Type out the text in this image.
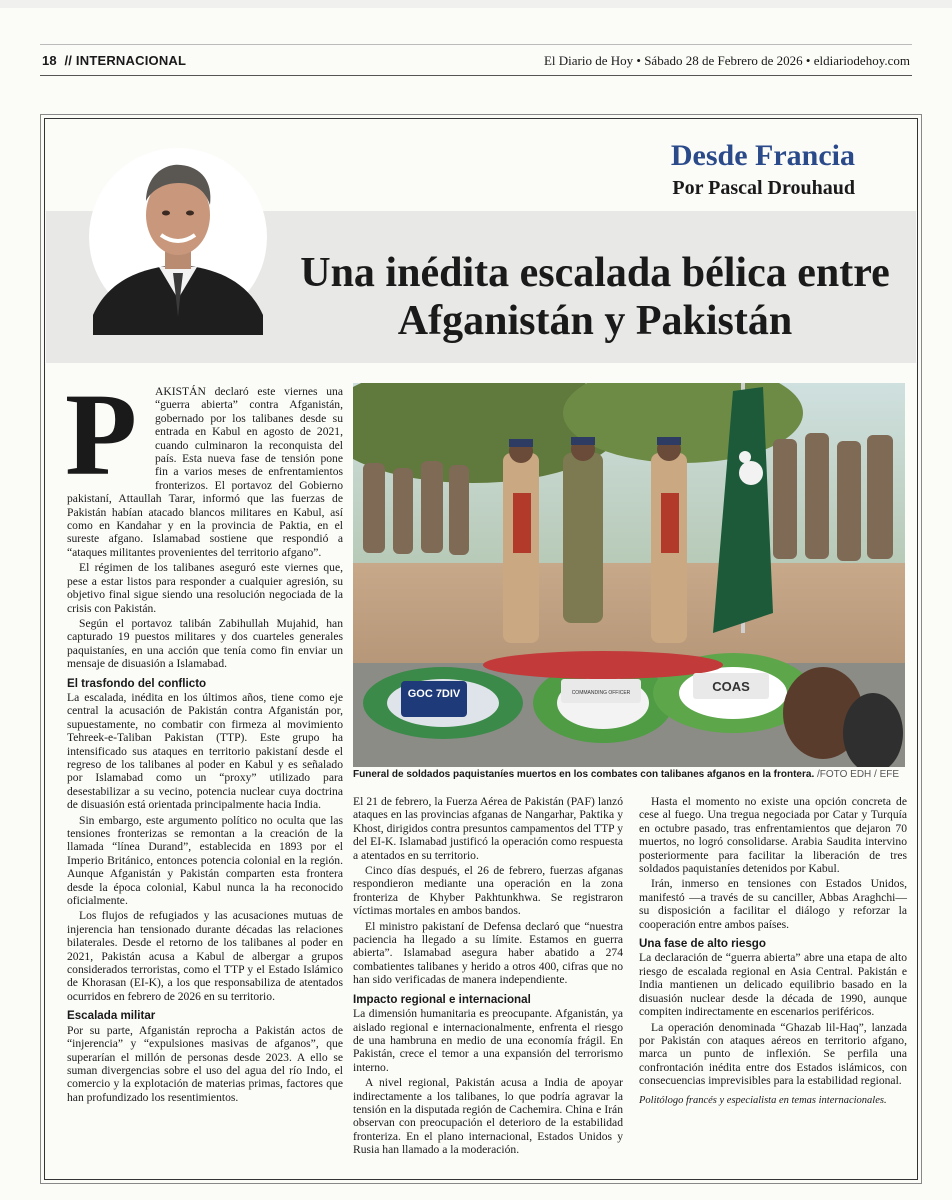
18 // INTERNACIONAL	El Diario de Hoy • Sábado 28 de Febrero de 2026 • eldiariodehoy.com
Desde Francia
Por Pascal Drouhaud
Una inédita escalada bélica entre Afganistán y Pakistán
P	AKISTÁN declaró este viernes una “guerra abierta” contra Afganistán, gobernado por los talibanes desde su entrada en Kabul en agosto de 2021, cuando culminaron la reconquista del país. Esta nueva fase de tensión pone fin a varios meses de enfrentamientos fronterizos. El portavoz del Gobierno pakistaní, Attaullah Tarar, informó que las fuerzas de Pakistán habían atacado blancos militares en Kabul, así como en Kandahar y en la provincia de Paktia, en el sureste afgano. Islamabad sostiene que respondió a “ataques militantes provenientes del territorio afgano”.

El régimen de los talibanes aseguró este viernes que, pese a estar listos para responder a cualquier agresión, su objetivo final sigue siendo una resolución negociada de la crisis con Pakistán.

Según el portavoz talibán Zabihullah Mujahid, han capturado 19 puestos militares y dos cuarteles generales paquistaníes, en una acción que tenía como fin enviar un mensaje de disuasión a Islamabad.

El trasfondo del conflicto

La escalada, inédita en los últimos años, tiene como eje central la acusación de Pakistán contra Afganistán por, supuestamente, no combatir con firmeza al movimiento Tehreek-e-Taliban Pakistan (TTP). Este grupo ha intensificado sus ataques en territorio pakistaní desde el regreso de los talibanes al poder en Kabul y es señalado por Islamabad como un “proxy” utilizado para desestabilizar a su vecino, potencia nuclear cuya doctrina de disuasión está orientada principalmente hacia India.

Sin embargo, este argumento político no oculta que las tensiones fronterizas se remontan a la creación de la llamada “línea Durand”, establecida en 1893 por el Imperio Británico, entonces potencia colonial en la región. Aunque Afganistán y Pakistán comparten esta frontera desde la época colonial, Kabul nunca la ha reconocido oficialmente.

Los flujos de refugiados y las acusaciones mutuas de injerencia han tensionado durante décadas las relaciones bilaterales. Desde el retorno de los talibanes al poder en 2021, Pakistán acusa a Kabul de albergar a grupos considerados terroristas, como el TTP y el Estado Islámico de Khorasan (EI-K), a los que responsabiliza de atentados ocurridos en febrero de 2026 en su territorio.

Escalada militar

Por su parte, Afganistán reprocha a Pakistán actos de “injerencia” y “expulsiones masivas de afganos”, que superarían el millón de personas desde 2023. A ello se suman divergencias sobre el uso del agua del río Indo, el comercio y la explotación de materias primas, factores que han profundizado los resentimientos.

GOC 7DIV	COMMANDING OFFICER	COAS
Funeral de soldados paquistaníes muertos en los combates con talibanes afganos en la frontera. /FOTO EDH / EFE

El 21 de febrero, la Fuerza Aérea de Pakistán (PAF) lanzó ataques en las provincias afganas de Nangarhar, Paktika y Khost, dirigidos contra presuntos campamentos del TTP y del EI-K. Islamabad justificó la operación como respuesta a atentados en su territorio.

Cinco días después, el 26 de febrero, fuerzas afganas respondieron mediante una operación en la zona fronteriza de Khyber Pakhtunkhwa. Se registraron víctimas mortales en ambos bandos.

El ministro pakistaní de Defensa declaró que “nuestra paciencia ha llegado a su límite. Estamos en guerra abierta”. Islamabad asegura haber abatido a 274 combatientes talibanes y herido a otros 400, cifras que no han sido verificadas de manera independiente.

Impacto regional e internacional

La dimensión humanitaria es preocupante. Afganistán, ya aislado regional e internacionalmente, enfrenta el riesgo de una hambruna en medio de una economía frágil. En Pakistán, crece el temor a una expansión del terrorismo interno.

A nivel regional, Pakistán acusa a India de apoyar indirectamente a los talibanes, lo que podría agravar la tensión en la disputada región de Cachemira. China e Irán observan con preocupación el deterioro de la estabilidad fronteriza. En el plano internacional, Estados Unidos y Rusia han llamado a la moderación.

Hasta el momento no existe una opción concreta de cese al fuego. Una tregua negociada por Catar y Turquía en octubre pasado, tras enfrentamientos que dejaron 70 muertos, no logró consolidarse. Arabia Saudita intervino posteriormente para facilitar la liberación de tres soldados paquistaníes detenidos por Kabul.

Irán, inmerso en tensiones con Estados Unidos, manifestó —a través de su canciller, Abbas Araghchi— su disposición a facilitar el diálogo y reforzar la cooperación entre ambos países.

Una fase de alto riesgo

La declaración de “guerra abierta” abre una etapa de alto riesgo de escalada regional en Asia Central. Pakistán e India mantienen un delicado equilibrio basado en la disuasión nuclear desde la década de 1990, aunque compiten indirectamente en escenarios periféricos.

La operación denominada “Ghazab lil-Haq”, lanzada por Pakistán con ataques aéreos en territorio afgano, marca un punto de inflexión. Se perfila una confrontación inédita entre dos Estados islámicos, con consecuencias imprevisibles para la estabilidad regional.

Politólogo francés y especialista en temas internacionales.
